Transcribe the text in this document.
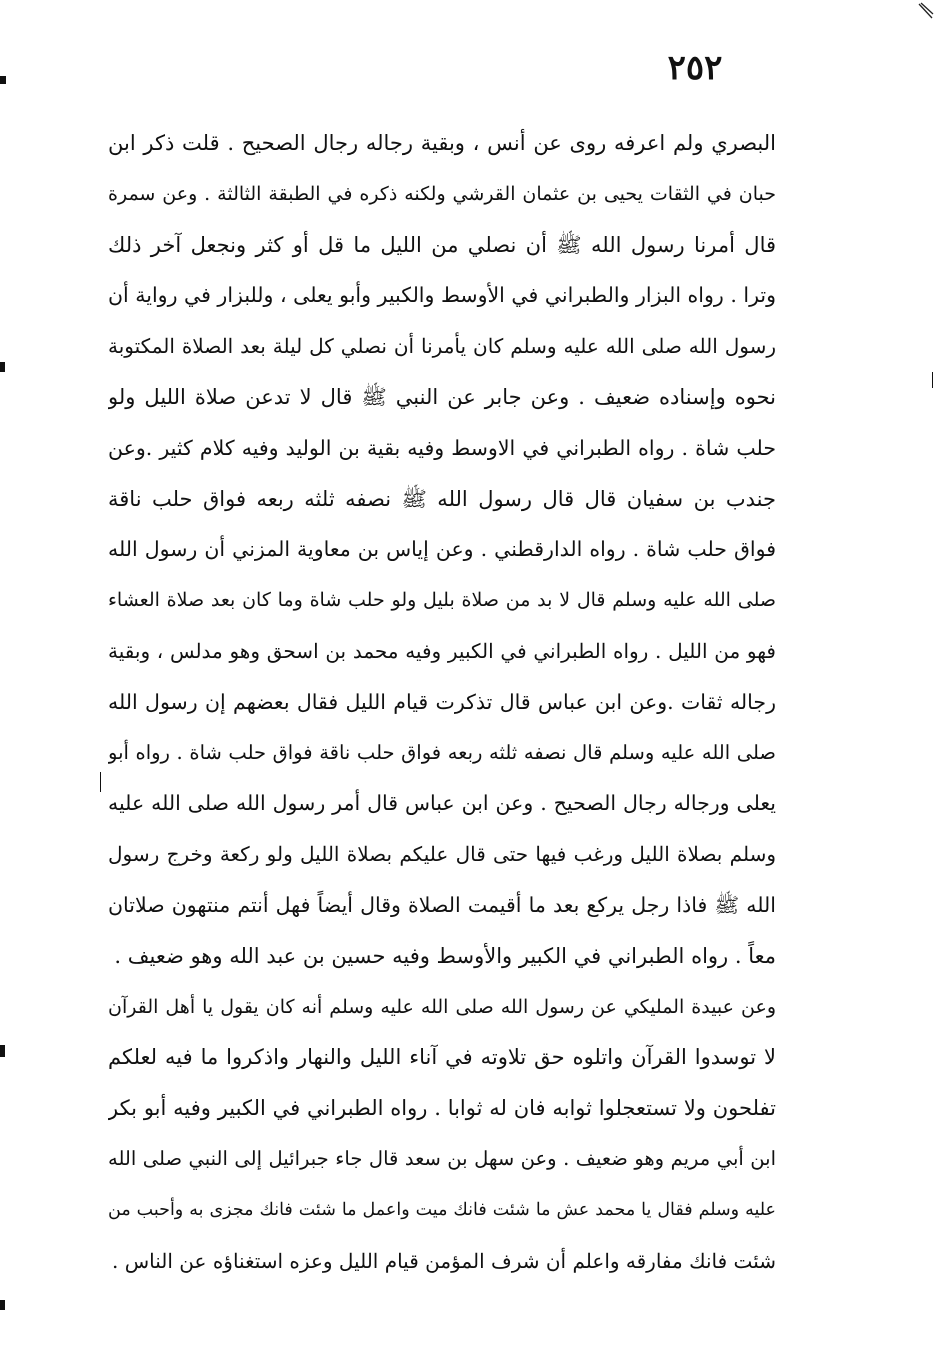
٢٥٢
البصري ولم اعرفه روى عن أنس ، وبقية رجاله رجال الصحيح . قلت ذكر ابن
حبان في الثقات يحيى بن عثمان القرشي ولكنه ذكره في الطبقة الثالثة . وعن سمرة
قال أمرنا رسول الله ﷺ أن نصلي من الليل ما قل أو كثر ونجعل آخر ذلك
وترا . رواه البزار والطبراني في الأوسط والكبير وأبو يعلى ، وللبزار في رواية أن
رسول الله صلى الله عليه وسلم كان يأمرنا أن نصلي كل ليلة بعد الصلاة المكتوبة
نحوه وإسناده ضعيف . وعن جابر عن النبي ﷺ قال لا تدعن صلاة الليل ولو
حلب شاة . رواه الطبراني في الاوسط وفيه بقية بن الوليد وفيه كلام كثير .وعن
جندب بن سفيان قال قال رسول الله ﷺ نصفه ثلثه ربعه فواق حلب ناقة
فواق حلب شاة . رواه الدارقطني . وعن إياس بن معاوية المزني أن رسول الله
صلى الله عليه وسلم قال لا بد من صلاة بليل ولو حلب شاة وما كان بعد صلاة العشاء
فهو من الليل . رواه الطبراني في الكبير وفيه محمد بن اسحق وهو مدلس ، وبقية
رجاله ثقات .وعن ابن عباس قال تذكرت قيام الليل فقال بعضهم إن رسول الله
صلى الله عليه وسلم قال نصفه ثلثه ربعه فواق حلب ناقة فواق حلب شاة . رواه أبو
يعلى ورجاله رجال الصحيح . وعن ابن عباس قال أمر رسول الله صلى الله عليه
وسلم بصلاة الليل ورغب فيها حتى قال عليكم بصلاة الليل ولو ركعة وخرج رسول
الله ﷺ فاذا رجل يركع بعد ما أقيمت الصلاة وقال أيضاً فهل أنتم منتهون صلاتان
معاً . رواه الطبراني في الكبير والأوسط وفيه حسين بن عبد الله وهو ضعيف .
وعن عبيدة المليكي عن رسول الله صلى الله عليه وسلم أنه كان يقول يا أهل القرآن
لا توسدوا القرآن واتلوه حق تلاوته في آناء الليل والنهار واذكروا ما فيه لعلكم
تفلحون ولا تستعجلوا ثوابه فان له ثوابا . رواه الطبراني في الكبير وفيه أبو بكر
ابن أبي مريم وهو ضعيف . وعن سهل بن سعد قال جاء جبرائيل إلى النبي صلى الله
عليه وسلم فقال يا محمد عش ما شئت فانك ميت واعمل ما شئت فانك مجزى به وأحبب من
شئت فانك مفارقه واعلم أن شرف المؤمن قيام الليل وعزه استغناؤه عن الناس .
